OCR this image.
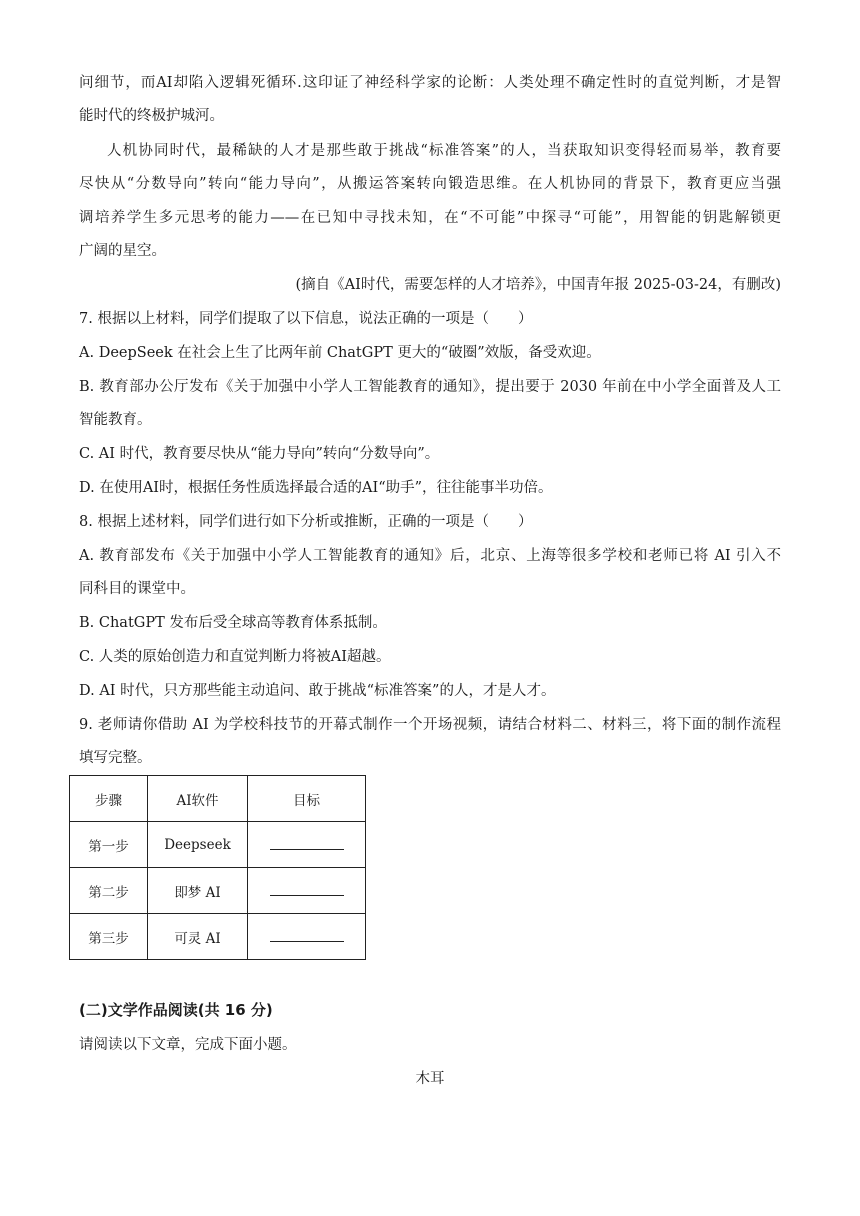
问细节，而AI却陷入逻辑死循环.这印证了神经科学家的论断：人类处理不确定性时的直觉判断，才是智
能时代的终极护城河。
人机协同时代，最稀缺的人才是那些敢于挑战“标准答案”的人，当获取知识变得轻而易举，教育要
尽快从“分数导向”转向“能力导向”，从搬运答案转向锻造思维。在人机协同的背景下，教育更应当强
调培养学生多元思考的能力——在已知中寻找未知，在“不可能”中探寻“可能”，用智能的钥匙解锁更
广阔的星空。
(摘自《AI时代，需要怎样的人才培养》，中国青年报 2025-03-24，有删改)
7. 根据以上材料，同学们提取了以下信息，说法正确的一项是（　　）
A. DeepSeek 在社会上生了比两年前 ChatGPT 更大的“破圈”效版，备受欢迎。
B. 教育部办公厅发布《关于加强中小学人工智能教育的通知》，提出要于 2030 年前在中小学全面普及人工
智能教育。
C. AI 时代，教育要尽快从“能力导向”转向“分数导向”。
D. 在使用AI时，根据任务性质选择最合适的AI“助手”，往往能事半功倍。
8. 根据上述材料，同学们进行如下分析或推断，正确的一项是（　　）
A. 教育部发布《关于加强中小学人工智能教育的通知》后，北京、上海等很多学校和老师已将 AI 引入不
同科目的课堂中。
B. ChatGPT 发布后受全球高等教育体系抵制。
C. 人类的原始创造力和直觉判断力将被AI超越。
D. AI 时代，只方那些能主动追问、敢于挑战“标准答案”的人，才是人才。
9. 老师请你借助 AI 为学校科技节的开幕式制作一个开场视频，请结合材料二、材料三，将下面的制作流程
填写完整。
步骤	AI软件	目标
第一步	Deepseek	
第二步	即梦 AI	
第三步	可灵 AI	
(二)文学作品阅读(共 16 分)
请阅读以下文章，完成下面小题。
木耳
